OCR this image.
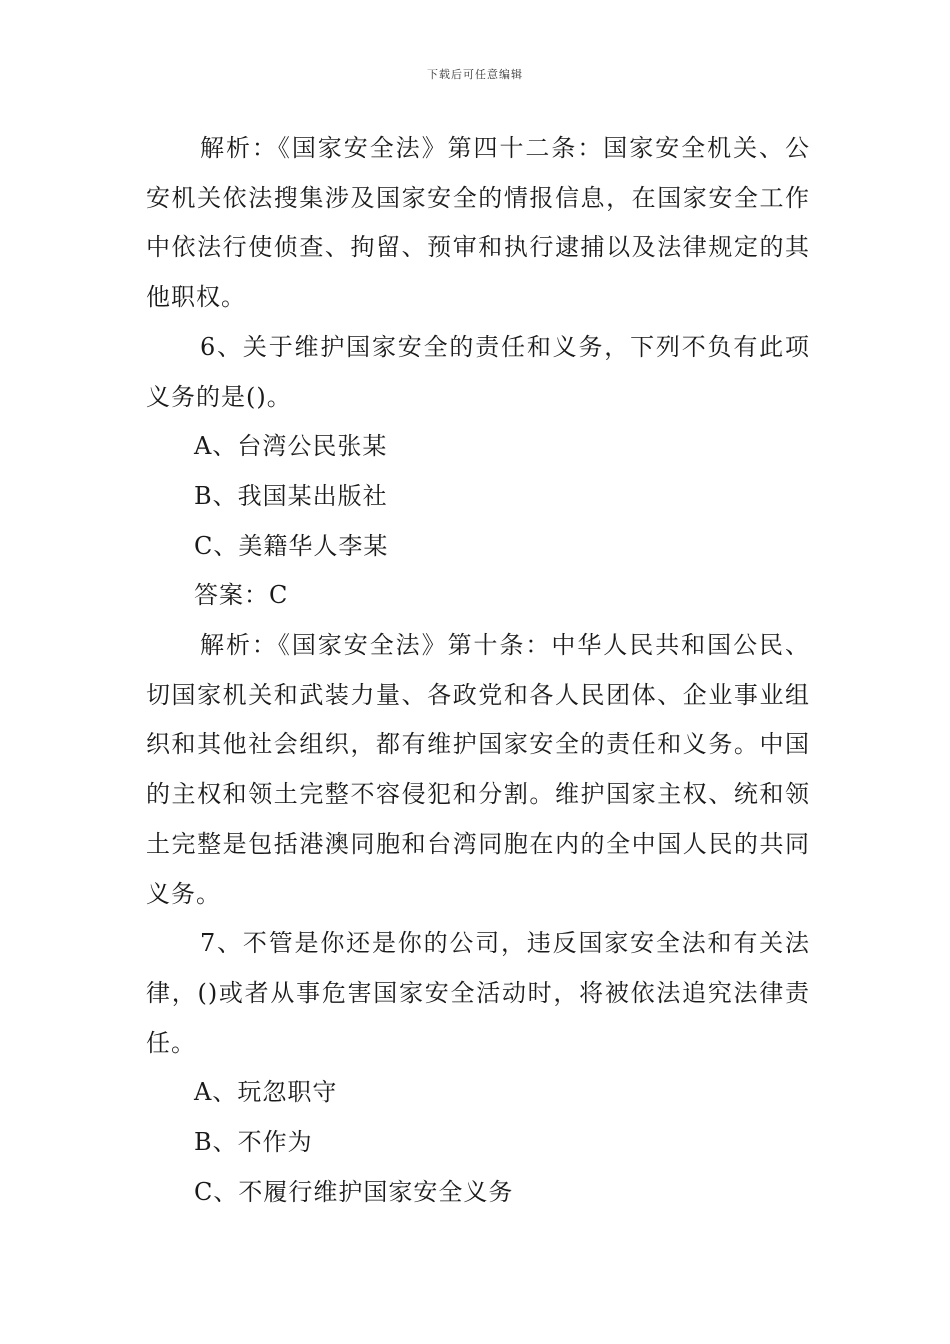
下载后可任意编辑

解析：《国家安全法》第四十二条：国家安全机关、公安机关依法搜集涉及国家安全的情报信息，在国家安全工作中依法行使侦查、拘留、预审和执行逮捕以及法律规定的其他职权。

6、关于维护国家安全的责任和义务，下列不负有此项义务的是()。

A、台湾公民张某

B、我国某出版社

C、美籍华人李某

答案：C

解析：《国家安全法》第十条：中华人民共和国公民、切国家机关和武装力量、各政党和各人民团体、企业事业组织和其他社会组织，都有维护国家安全的责任和义务。中国的主权和领土完整不容侵犯和分割。维护国家主权、统和领土完整是包括港澳同胞和台湾同胞在内的全中国人民的共同义务。

7、不管是你还是你的公司，违反国家安全法和有关法律，()或者从事危害国家安全活动时，将被依法追究法律责任。

A、玩忽职守

B、不作为

C、不履行维护国家安全义务
